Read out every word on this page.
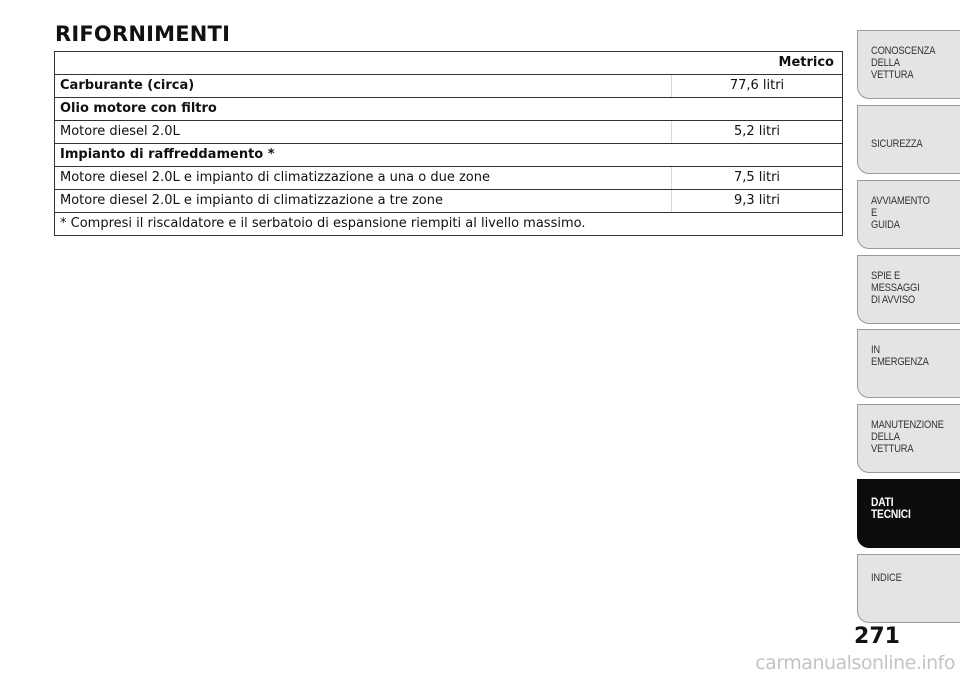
RIFORNIMENTI
Metrico	
Carburante (circa)	77,6 litri
Olio motore con filtro	
Motore diesel 2.0L	5,2 litri
Impianto di raffreddamento *	
Motore diesel 2.0L e impianto di climatizzazione a una o due zone	7,5 litri
Motore diesel 2.0L e impianto di climatizzazione a tre zone	9,3 litri
* Compresi il riscaldatore e il serbatoio di espansione riempiti al livello massimo.	
CONOSCENZA
DELLA
VETTURA
SICUREZZA
AVVIAMENTO
E
GUIDA
SPIE E
MESSAGGI
DI AVVISO
IN
EMERGENZA
MANUTENZIONE
DELLA
VETTURA
DATI
TECNICI
INDICE
271
carmanualsonline.info
